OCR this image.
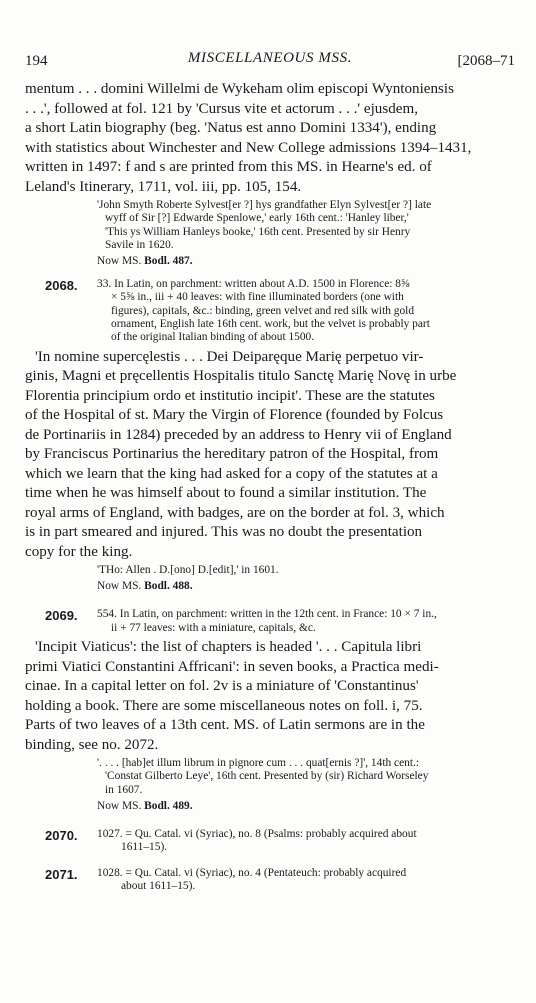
194	MISCELLANEOUS MSS.	[2068–71
mentum . . . domini Willelmi de Wykeham olim episcopi Wyntoniensis
. . .', followed at fol. 121 by 'Cursus vite et actorum . . .' ejusdem,
a short Latin biography (beg. 'Natus est anno Domini 1334'), ending
with statistics about Winchester and New College admissions 1394–1431,
written in 1497: f and s are printed from this MS. in Hearne's ed. of
Leland's Itinerary, 1711, vol. iii, pp. 105, 154.
'John Smyth Roberte Sylvest[er ?] hys grandfather Elyn Sylvest[er ?] late
wyff of Sir [?] Edwarde Spenlowe,' early 16th cent.: 'Hanley liber,'
'This ys William Hanleys booke,' 16th cent. Presented by sir Henry
Savile in 1620.
Now MS. Bodl. 487.
2068. 33. In Latin, on parchment: written about A.D. 1500 in Florence: 8⅝
× 5⅝ in., iii + 40 leaves: with fine illuminated borders (one with
figures), capitals, &c.: binding, green velvet and red silk with gold
ornament, English late 16th cent. work, but the velvet is probably part
of the original Italian binding of about 1500.
'In nomine supercęlestis . . . Dei Deiparęque Marię perpetuo vir-
ginis, Magni et pręcellentis Hospitalis titulo Sanctę Marię Novę in urbe
Florentia principium ordo et institutio incipit'. These are the statutes
of the Hospital of st. Mary the Virgin of Florence (founded by Folcus
de Portinariis in 1284) preceded by an address to Henry vii of England
by Franciscus Portinarius the hereditary patron of the Hospital, from
which we learn that the king had asked for a copy of the statutes at a
time when he was himself about to found a similar institution. The
royal arms of England, with badges, are on the border at fol. 3, which
is in part smeared and injured. This was no doubt the presentation
copy for the king.
'THo: Allen . D.[ono] D.[edit],' in 1601.
Now MS. Bodl. 488.
2069. 554. In Latin, on parchment: written in the 12th cent. in France: 10 × 7 in.,
ii + 77 leaves: with a miniature, capitals, &c.
'Incipit Viaticus': the list of chapters is headed '. . . Capitula libri
primi Viatici Constantini Affricani': in seven books, a Practica medi-
cinae. In a capital letter on fol. 2v is a miniature of 'Constantinus'
holding a book. There are some miscellaneous notes on foll. i, 75.
Parts of two leaves of a 13th cent. MS. of Latin sermons are in the
binding, see no. 2072.
'. . . . [hab]et illum librum in pignore cum . . . quat[ernis ?]', 14th cent.:
'Constat Gilberto Leye', 16th cent. Presented by (sir) Richard Worseley
in 1607.
Now MS. Bodl. 489.
2070. 1027. = Qu. Catal. vi (Syriac), no. 8 (Psalms: probably acquired about
1611–15).
2071. 1028. = Qu. Catal. vi (Syriac), no. 4 (Pentateuch: probably acquired
about 1611–15).
